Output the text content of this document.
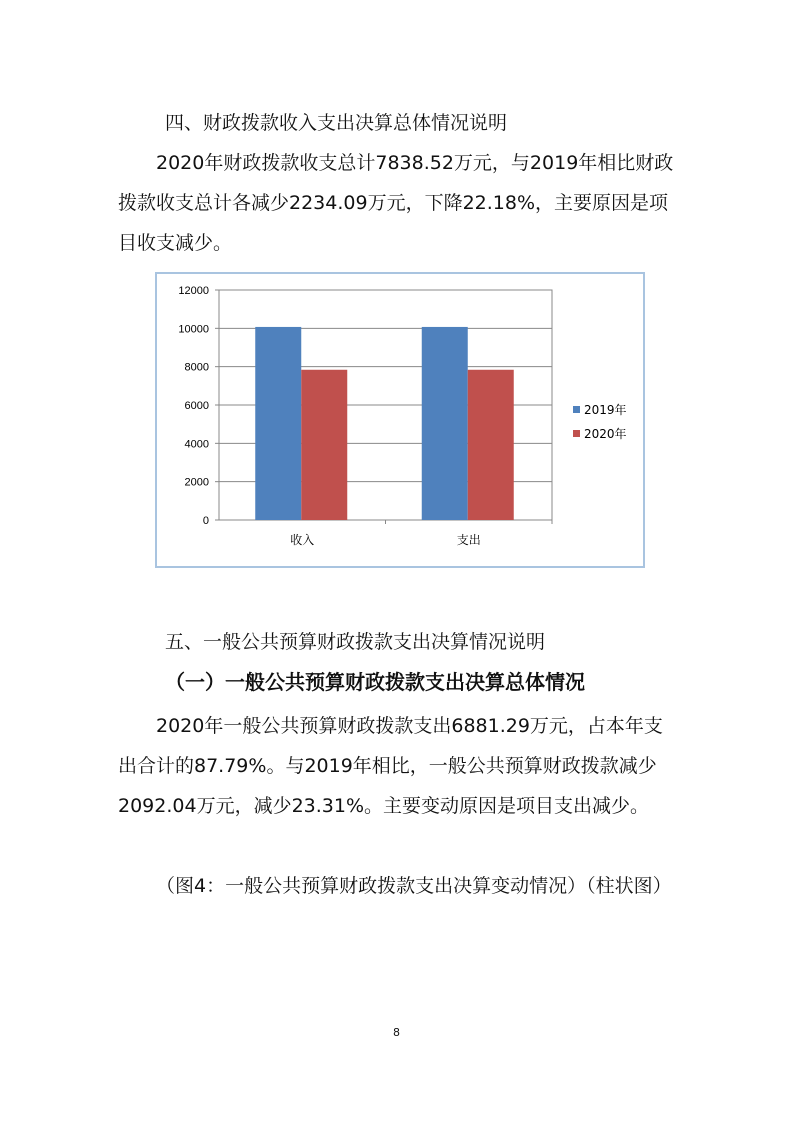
四、财政拨款收入支出决算总体情况说明

2020年财政拨款收支总计7838.52万元，与2019年相比财政拨款收支总计各减少2234.09万元，下降22.18%，主要原因是项目收支减少。

0
2000
4000
6000
8000
10000
12000
收入	支出
2019年
2020年
五、一般公共预算财政拨款支出决算情况说明
（一）一般公共预算财政拨款支出决算总体情况

2020年一般公共预算财政拨款支出6881.29万元，占本年支出合计的87.79%。与2019年相比，一般公共预算财政拨款减少2092.04万元，减少23.31%。主要变动原因是项目支出减少。

（图4：一般公共预算财政拨款支出决算变动情况）（柱状图）

8
